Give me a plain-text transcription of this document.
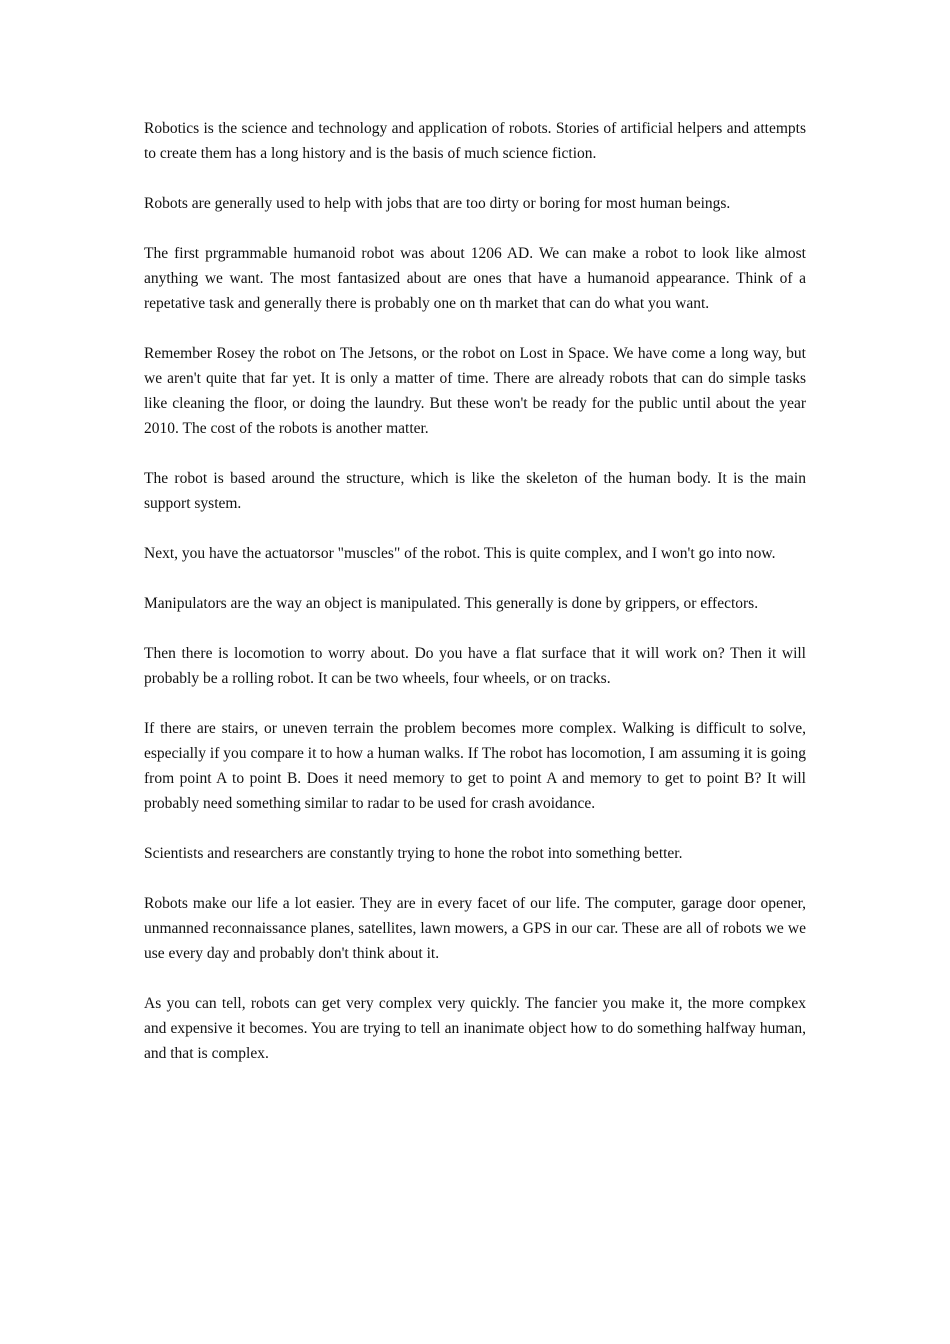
Robotics is the science and technology and application of robots. Stories of artificial helpers and attempts to create them has a long history and is the basis of much science fiction.

Robots are generally used to help with jobs that are too dirty or boring for most human beings.

The first prgrammable humanoid robot was about 1206 AD. We can make a robot to look like almost anything we want. The most fantasized about are ones that have a humanoid appearance. Think of a repetative task and generally there is probably one on th market that can do what you want.

Remember Rosey the robot on The Jetsons, or the robot on Lost in Space. We have come a long way, but we aren't quite that far yet. It is only a matter of time. There are already robots that can do simple tasks like cleaning the floor, or doing the laundry. But these won't be ready for the public until about the year 2010. The cost of the robots is another matter.

The robot is based around the structure, which is like the skeleton of the human body. It is the main support system.

Next, you have the actuatorsor "muscles" of the robot. This is quite complex, and I won't go into now.

Manipulators are the way an object is manipulated. This generally is done by grippers, or effectors.

Then there is locomotion to worry about. Do you have a flat surface that it will work on? Then it will probably be a rolling robot. It can be two wheels, four wheels, or on tracks.

If there are stairs, or uneven terrain the problem becomes more complex. Walking is difficult to solve, especially if you compare it to how a human walks. If The robot has locomotion, I am assuming it is going from point A to point B. Does it need memory to get to point A and memory to get to point B? It will probably need something similar to radar to be used for crash avoidance.

Scientists and researchers are constantly trying to hone the robot into something better.

Robots make our life a lot easier. They are in every facet of our life. The computer, garage door opener, unmanned reconnaissance planes, satellites, lawn mowers, a GPS in our car. These are all of robots we we use every day and probably don't think about it.

As you can tell, robots can get very complex very quickly. The fancier you make it, the more compkex and expensive it becomes. You are trying to tell an inanimate object how to do something halfway human, and that is complex.
